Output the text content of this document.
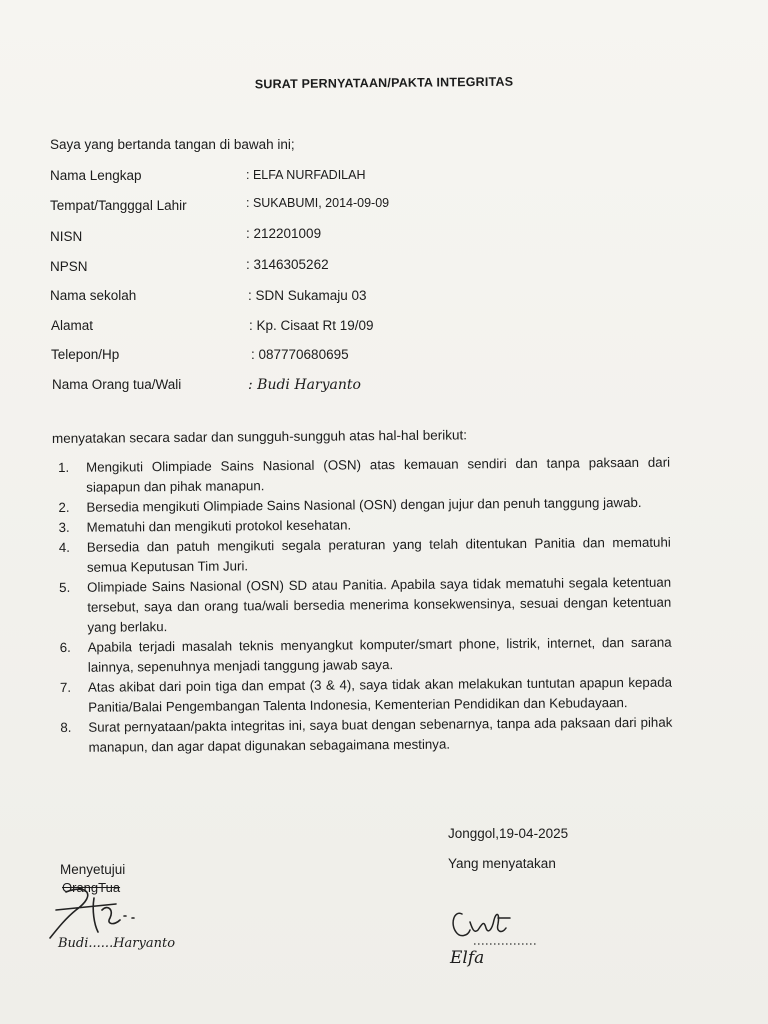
SURAT PERNYATAAN/PAKTA INTEGRITAS
Saya yang bertanda tangan di bawah ini;
Nama Lengkap	: ELFA NURFADILAH
Tempat/Tangggal Lahir	: SUKABUMI, 2014-09-09
NISN	: 212201009
NPSN	: 3146305262
Nama sekolah	: SDN Sukamaju 03
Alamat	: Kp. Cisaat Rt 19/09
Telepon/Hp	: 087770680695
Nama Orang tua/Wali	: Budi Haryanto
menyatakan secara sadar dan sungguh-sungguh atas hal-hal berikut:
1.	Mengikuti Olimpiade Sains Nasional (OSN) atas kemauan sendiri dan tanpa paksaan dari siapapun dan pihak manapun.
2.	Bersedia mengikuti Olimpiade Sains Nasional (OSN) dengan jujur dan penuh tanggung jawab.
3.	Mematuhi dan mengikuti protokol kesehatan.
4.	Bersedia dan patuh mengikuti segala peraturan yang telah ditentukan Panitia dan mematuhi semua Keputusan Tim Juri.
5.	Olimpiade Sains Nasional (OSN) SD atau Panitia. Apabila saya tidak mematuhi segala ketentuan tersebut, saya dan orang tua/wali bersedia menerima konsekwensinya, sesuai dengan ketentuan yang berlaku.
6.	Apabila terjadi masalah teknis menyangkut komputer/smart phone, listrik, internet, dan sarana lainnya, sepenuhnya menjadi tanggung jawab saya.
7.	Atas akibat dari poin tiga dan empat (3 & 4), saya tidak akan melakukan tuntutan apapun kepada Panitia/Balai Pengembangan Talenta Indonesia, Kementerian Pendidikan dan Kebudayaan.
8.	Surat pernyataan/pakta integritas ini, saya buat dengan sebenarnya, tanpa ada paksaan dari pihak manapun, dan agar dapat digunakan sebagaimana mestinya.
Jonggol,19-04-2025
Yang menyatakan
Menyetujui
OrangTua
Budi......Haryanto
Elfa
